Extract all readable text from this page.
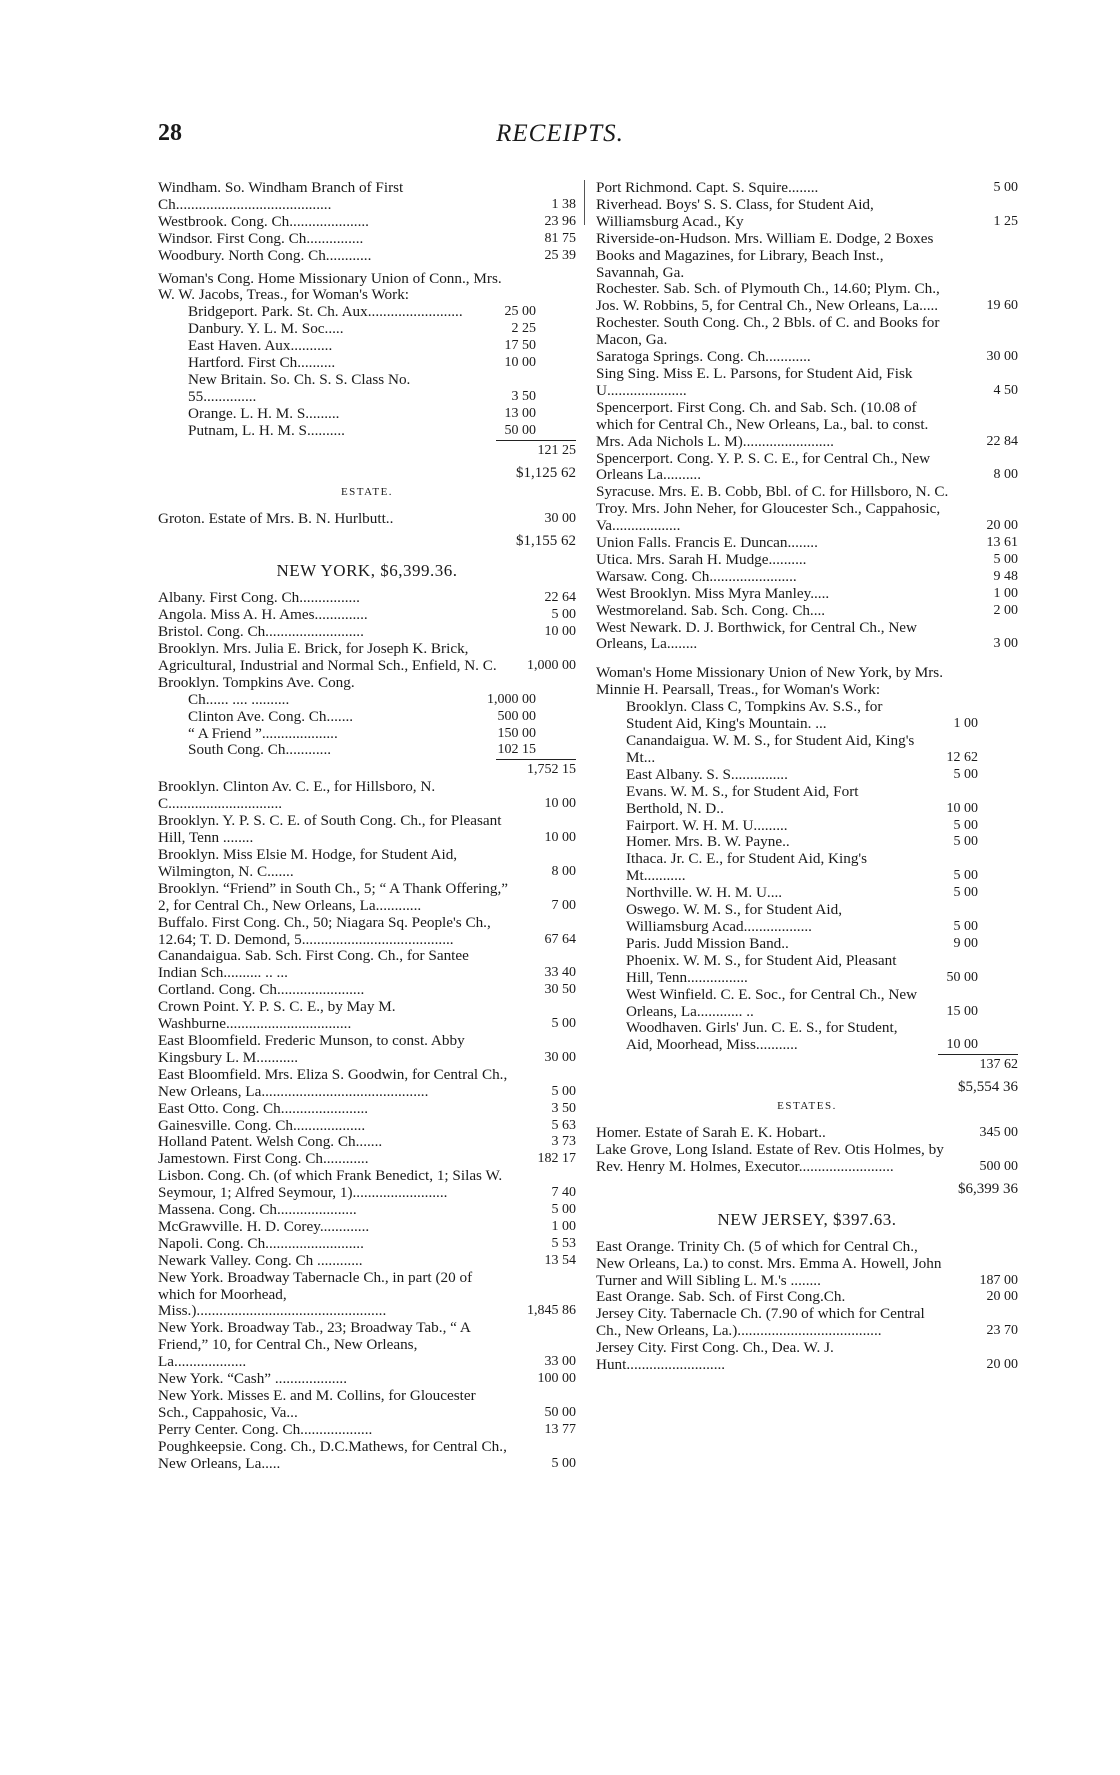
28	RECEIPTS.
Windham. So. Windham Branch of First Ch.........................................	1 38
Westbrook. Cong. Ch.....................	23 96
Windsor. First Cong. Ch...............	81 75
Woodbury. North Cong. Ch............	25 39
Woman's Cong. Home Missionary Union of Conn., Mrs. W. W. Jacobs, Treas., for Woman's Work:
Bridgeport. Park. St. Ch. Aux.........................	25 00
Danbury. Y. L. M. Soc.....	2 25
East Haven. Aux...........	17 50
Hartford. First Ch..........	10 00
New Britain. So. Ch. S. S. Class No. 55..............	3 50
Orange. L. H. M. S.........	13 00
Putnam, L. H. M. S..........	50 00
121 25
$1,125 62
ESTATE.
Groton. Estate of Mrs. B. N. Hurlbutt..	30 00
$1,155 62
NEW YORK, $6,399.36.
Albany. First Cong. Ch................	22 64
Angola. Miss A. H. Ames..............	5 00
Bristol. Cong. Ch..........................	10 00
Brooklyn. Mrs. Julia E. Brick, for Joseph K. Brick, Agricultural, Industrial and Normal Sch., Enfield, N. C.	1,000 00
Brooklyn. Tompkins Ave. Cong.
Ch...... .... ..........	1,000 00
Clinton Ave. Cong. Ch.......	500 00
“ A Friend ”....................	150 00
South Cong. Ch............	102 15
1,752 15
Brooklyn. Clinton Av. C. E., for Hillsboro, N. C..............................	10 00
Brooklyn. Y. P. S. C. E. of South Cong. Ch., for Pleasant Hill, Tenn ........	10 00
Brooklyn. Miss Elsie M. Hodge, for Student Aid, Wilmington, N. C.......	8 00
Brooklyn. “Friend” in South Ch., 5; “ A Thank Offering,” 2, for Central Ch., New Orleans, La............	7 00
Buffalo. First Cong. Ch., 50; Niagara Sq. People's Ch., 12.64; T. D. Demond, 5........................................	67 64
Canandaigua. Sab. Sch. First Cong. Ch., for Santee Indian Sch.......... .. ...	33 40
Cortland. Cong. Ch.......................	30 50
Crown Point. Y. P. S. C. E., by May M. Washburne.................................	5 00
East Bloomfield. Frederic Munson, to const. Abby Kingsbury L. M...........	30 00
East Bloomfield. Mrs. Eliza S. Goodwin, for Central Ch., New Orleans, La............................................	5 00
East Otto. Cong. Ch.......................	3 50
Gainesville. Cong. Ch...................	5 63
Holland Patent. Welsh Cong. Ch.......	3 73
Jamestown. First Cong. Ch............	182 17
Lisbon. Cong. Ch. (of which Frank Benedict, 1; Silas W. Seymour, 1; Alfred Seymour, 1).........................	7 40
Massena. Cong. Ch.....................	5 00
McGrawville. H. D. Corey.............	1 00
Napoli. Cong. Ch..........................	5 53
Newark Valley. Cong. Ch ............	13 54
New York. Broadway Tabernacle Ch., in part (20 of which for Moorhead, Miss.)..................................................	1,845 86
New York. Broadway Tab., 23; Broadway Tab., “ A Friend,” 10, for Central Ch., New Orleans, La...................	33 00
New York. “Cash” ...................	100 00
New York. Misses E. and M. Collins, for Gloucester Sch., Cappahosic, Va...	50 00
Perry Center. Cong. Ch...................	13 77
Poughkeepsie. Cong. Ch., D.C.Mathews, for Central Ch., New Orleans, La.....	5 00
Port Richmond. Capt. S. Squire........	5 00
Riverhead. Boys' S. S. Class, for Student Aid, Williamsburg Acad., Ky	1 25
Riverside-on-Hudson. Mrs. William E. Dodge, 2 Boxes Books and Magazines, for Library, Beach Inst., Savannah, Ga.
Rochester. Sab. Sch. of Plymouth Ch., 14.60; Plym. Ch., Jos. W. Robbins, 5, for Central Ch., New Orleans, La.....	19 60
Rochester. South Cong. Ch., 2 Bbls. of C. and Books for Macon, Ga.
Saratoga Springs. Cong. Ch............	30 00
Sing Sing. Miss E. L. Parsons, for Student Aid, Fisk U.....................	4 50
Spencerport. First Cong. Ch. and Sab. Sch. (10.08 of which for Central Ch., New Orleans, La., bal. to const. Mrs. Ada Nichols L. M)........................	22 84
Spencerport. Cong. Y. P. S. C. E., for Central Ch., New Orleans La..........	8 00
Syracuse. Mrs. E. B. Cobb, Bbl. of C. for Hillsboro, N. C.
Troy. Mrs. John Neher, for Gloucester Sch., Cappahosic, Va..................	20 00
Union Falls. Francis E. Duncan........	13 61
Utica. Mrs. Sarah H. Mudge..........	5 00
Warsaw. Cong. Ch.......................	9 48
West Brooklyn. Miss Myra Manley.....	1 00
Westmoreland. Sab. Sch. Cong. Ch....	2 00
West Newark. D. J. Borthwick, for Central Ch., New Orleans, La........	3 00
Woman's Home Missionary Union of New York, by Mrs. Minnie H. Pearsall, Treas., for Woman's Work:
Brooklyn. Class C, Tompkins Av. S.S., for Student Aid, King's Mountain. ...	1 00
Canandaigua. W. M. S., for Student Aid, King's Mt...	12 62
East Albany. S. S...............	5 00
Evans. W. M. S., for Student Aid, Fort Berthold, N. D..	10 00
Fairport. W. H. M. U.........	5 00
Homer. Mrs. B. W. Payne..	5 00
Ithaca. Jr. C. E., for Student Aid, King's Mt...........	5 00
Northville. W. H. M. U....	5 00
Oswego. W. M. S., for Student Aid, Williamsburg Acad..................	5 00
Paris. Judd Mission Band..	9 00
Phoenix. W. M. S., for Student Aid, Pleasant Hill, Tenn................	50 00
West Winfield. C. E. Soc., for Central Ch., New Orleans, La............ ..	15 00
Woodhaven. Girls' Jun. C. E. S., for Student, Aid, Moorhead, Miss...........	10 00
137 62
$5,554 36
ESTATES.
Homer. Estate of Sarah E. K. Hobart..	345 00
Lake Grove, Long Island. Estate of Rev. Otis Holmes, by Rev. Henry M. Holmes, Executor.........................	500 00
$6,399 36
NEW JERSEY, $397.63.
East Orange. Trinity Ch. (5 of which for Central Ch., New Orleans, La.) to const. Mrs. Emma A. Howell, John Turner and Will Sibling L. M.'s ........	187 00
East Orange. Sab. Sch. of First Cong.Ch.	20 00
Jersey City. Tabernacle Ch. (7.90 of which for Central Ch., New Orleans, La.)......................................	23 70
Jersey City. First Cong. Ch., Dea. W. J. Hunt..........................	20 00
